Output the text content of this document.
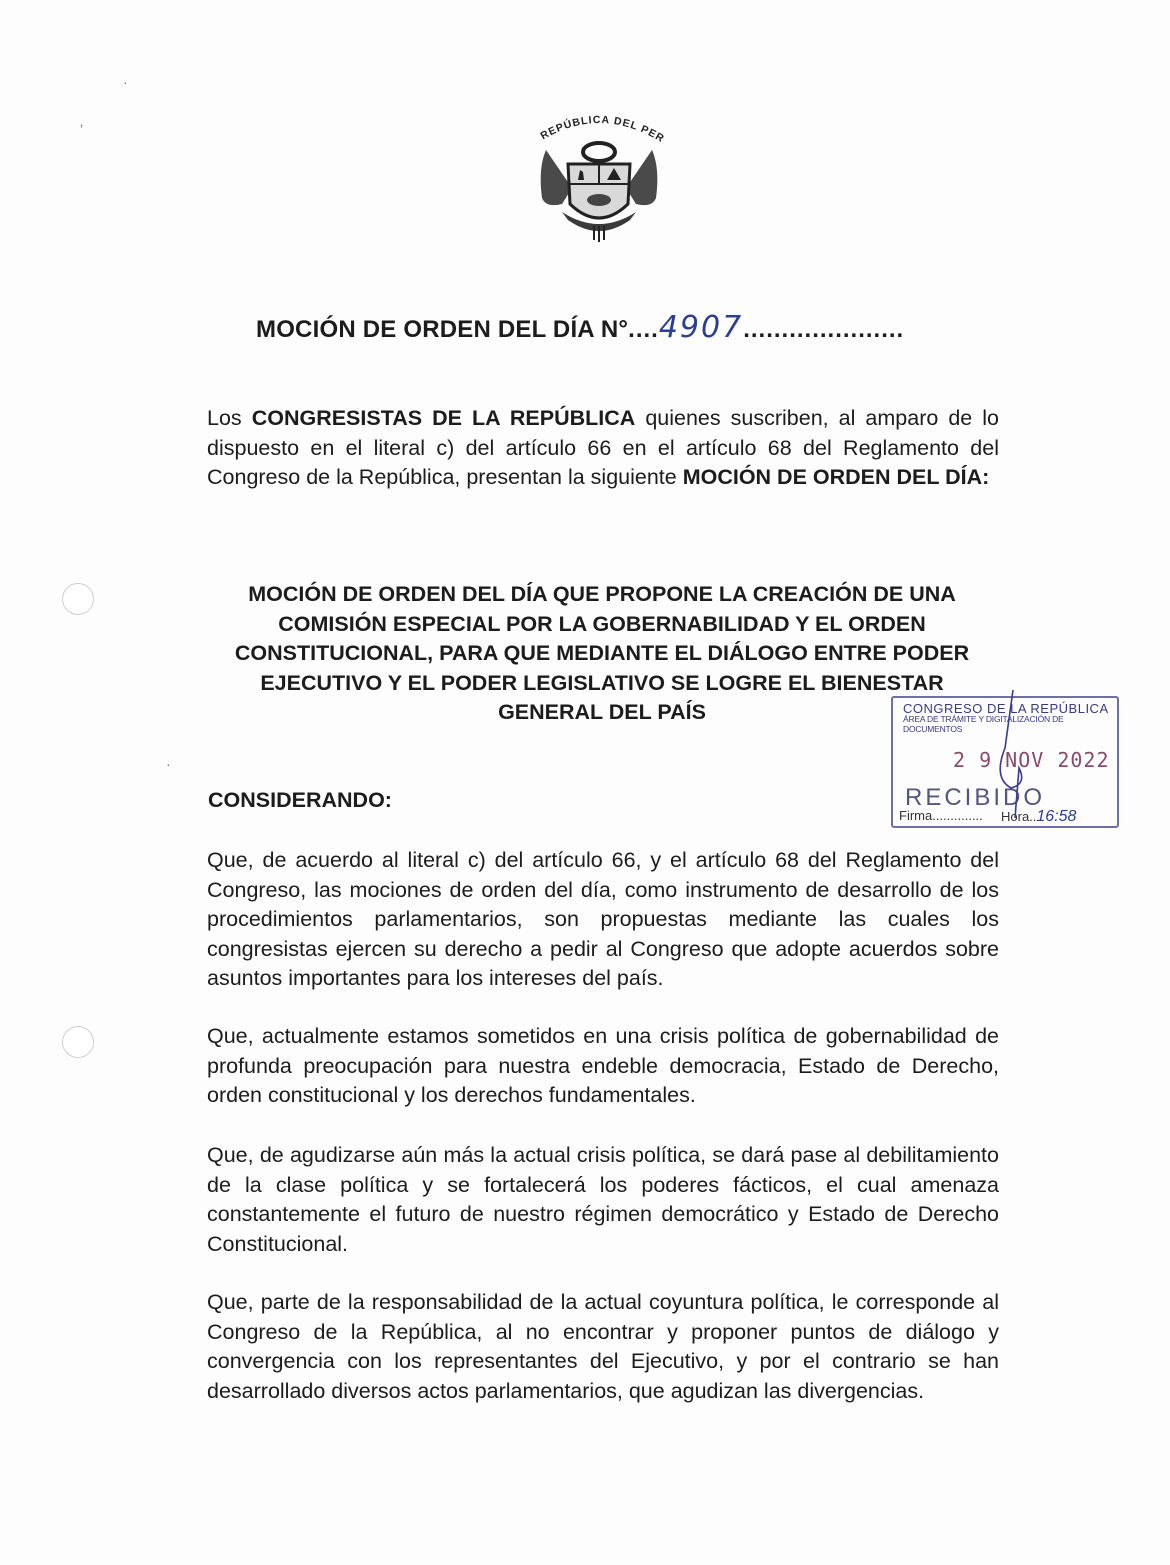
·
ʼ
·
REPÚBLICA DEL PER
MOCIÓN DE ORDEN DEL DÍA N°....4907.....................
Los CONGRESISTAS DE LA REPÚBLICA quienes suscriben, al amparo de lo dispuesto en el literal c) del artículo 66 en el artículo 68 del Reglamento del Congreso de la República, presentan la siguiente MOCIÓN DE ORDEN DEL DÍA:
MOCIÓN DE ORDEN DEL DÍA QUE PROPONE LA CREACIÓN DE UNA
COMISIÓN ESPECIAL POR LA GOBERNABILIDAD Y EL ORDEN
CONSTITUCIONAL, PARA QUE MEDIANTE EL DIÁLOGO ENTRE PODER
EJECUTIVO Y EL PODER LEGISLATIVO SE LOGRE EL BIENESTAR
GENERAL DEL PAÍS	CONGRESO DE LA REPÚBLICA
ÁREA DE TRÁMITE Y DIGITALIZACIÓN DE DOCUMENTOS
2 9 NOV 2022
RECIBIDO
Firma.............. Hora..16:58
CONSIDERANDO:
Que, de acuerdo al literal c) del artículo 66, y el artículo 68 del Reglamento del Congreso, las mociones de orden del día, como instrumento de desarrollo de los procedimientos parlamentarios, son propuestas mediante las cuales los congresistas ejercen su derecho a pedir al Congreso que adopte acuerdos sobre asuntos importantes para los intereses del país.
Que, actualmente estamos sometidos en una crisis política de gobernabilidad de profunda preocupación para nuestra endeble democracia, Estado de Derecho, orden constitucional y los derechos fundamentales.
Que, de agudizarse aún más la actual crisis política, se dará pase al debilitamiento de la clase política y se fortalecerá los poderes fácticos, el cual amenaza constantemente el futuro de nuestro régimen democrático y Estado de Derecho Constitucional.
Que, parte de la responsabilidad de la actual coyuntura política, le corresponde al Congreso de la República, al no encontrar y proponer puntos de diálogo y convergencia con los representantes del Ejecutivo, y por el contrario se han desarrollado diversos actos parlamentarios, que agudizan las divergencias.
